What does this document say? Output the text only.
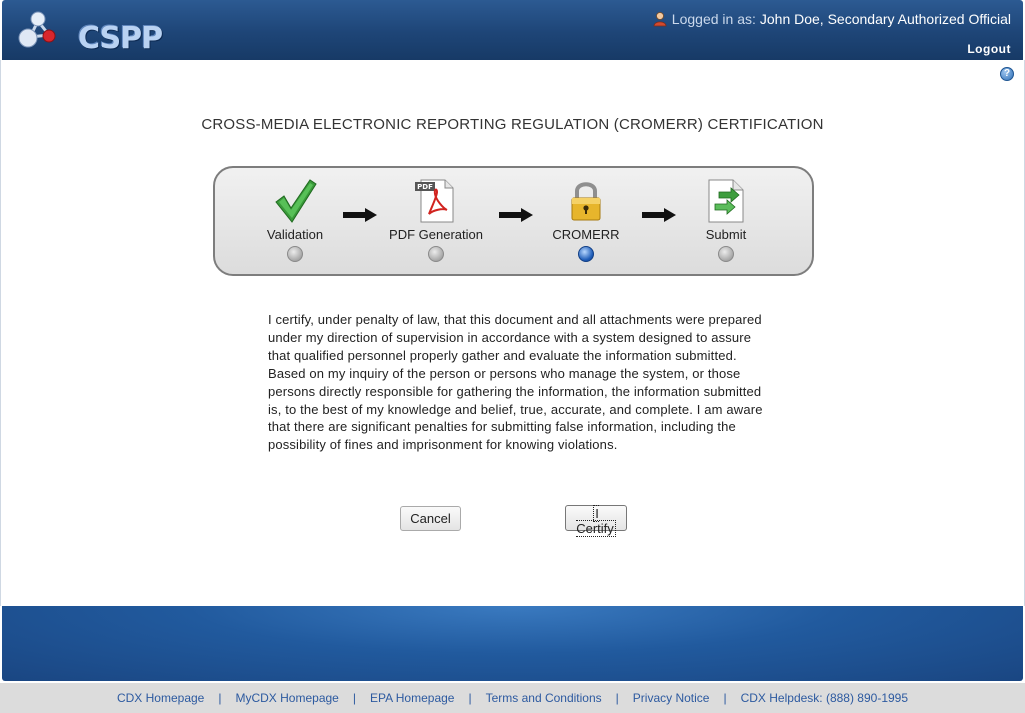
CSPP
Logged in as: John Doe, Secondary Authorized Official
Logout
?
CROSS-MEDIA ELECTRONIC REPORTING REGULATION (CROMERR) CERTIFICATION
Validation
PDF
PDF Generation	CROMERR	Submit
I certify, under penalty of law, that this document and all attachments were prepared under my direction of supervision in accordance with a system designed to assure that qualified personnel properly gather and evaluate the information submitted. Based on my inquiry of the person or persons who manage the system, or those persons directly responsible for gathering the information, the information submitted is, to the best of my knowledge and belief, true, accurate, and complete. I am aware that there are significant penalties for submitting false information, including the possibility of fines and imprisonment for knowing violations.
Cancel	I Certify
CDX Homepage | MyCDX Homepage | EPA Homepage | Terms and Conditions | Privacy Notice | CDX Helpdesk: (888) 890-1995
